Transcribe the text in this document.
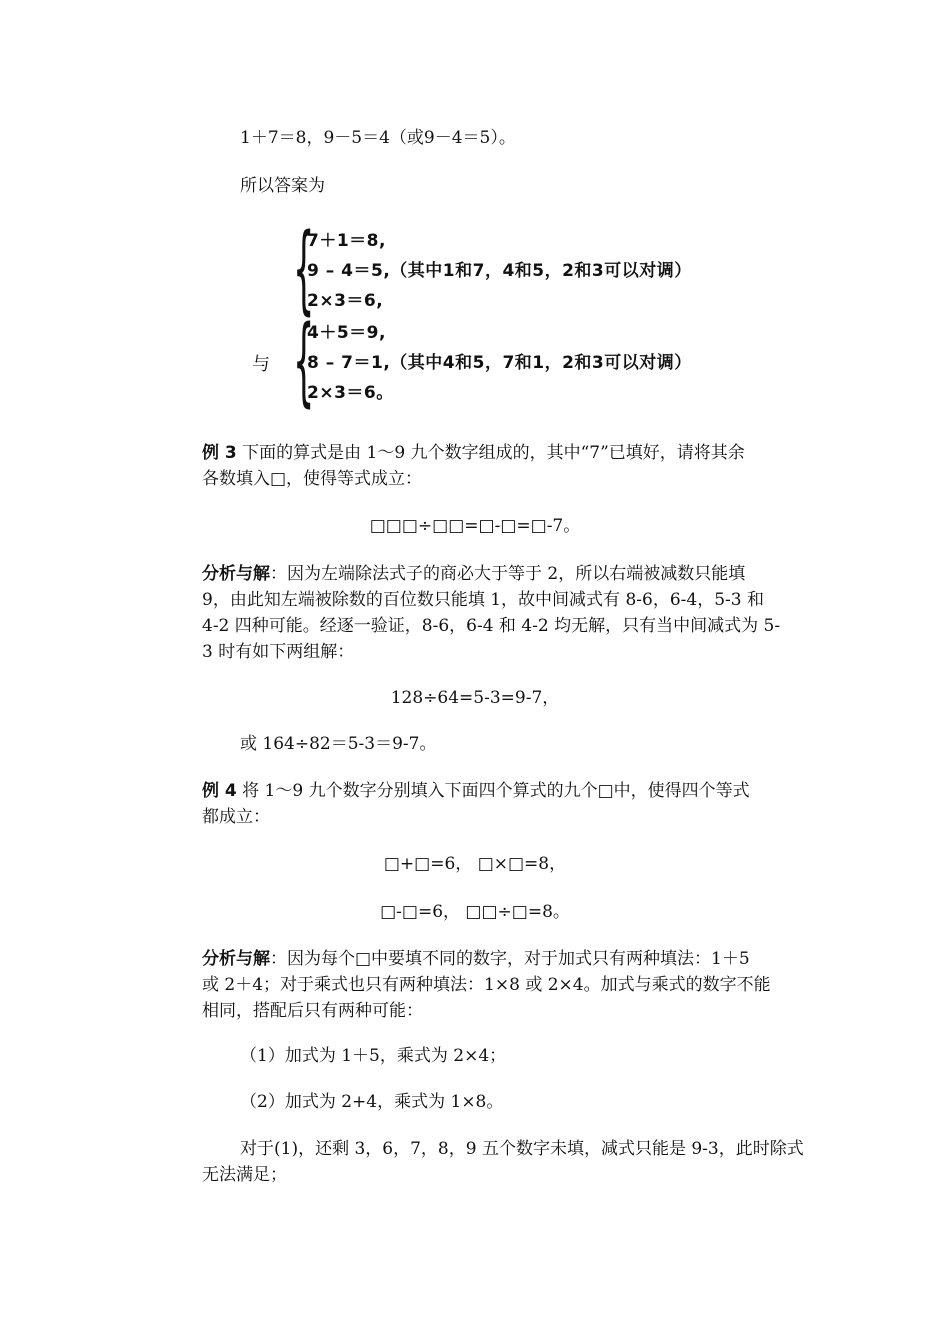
1＋7＝8，9－5＝4（或9－4＝5）。
所以答案为
{
7＋1＝8,
9 – 4＝5,（其中1和7，4和5，2和3可以对调）
2×3＝6,
与 {
4＋5＝9,
8 – 7＝1,（其中4和5，7和1，2和3可以对调）
2×3＝6。
例 3 下面的算式是由 1～9 九个数字组成的，其中“7”已填好，请将其余
各数填入□，使得等式成立：
□□□÷□□=□-□=□-7。
分析与解：因为左端除法式子的商必大于等于 2，所以右端被减数只能填
9，由此知左端被除数的百位数只能填 1，故中间减式有 8-6，6-4，5-3 和
4-2 四种可能。经逐一验证，8-6，6-4 和 4-2 均无解，只有当中间减式为 5-
3 时有如下两组解：
128÷64=5-3=9-7，
或 164÷82＝5-3＝9-7。
例 4 将 1～9 九个数字分别填入下面四个算式的九个□中，使得四个等式
都成立：
□+□=6， □×□=8，
□-□=6， □□÷□=8。
分析与解：因为每个□中要填不同的数字，对于加式只有两种填法：1＋5
或 2＋4；对于乘式也只有两种填法：1×8 或 2×4。加式与乘式的数字不能
相同，搭配后只有两种可能：
（1）加式为 1＋5，乘式为 2×4；
（2）加式为 2+4，乘式为 1×8。
对于(1)，还剩 3，6，7，8，9 五个数字未填，减式只能是 9-3，此时除式
无法满足；
